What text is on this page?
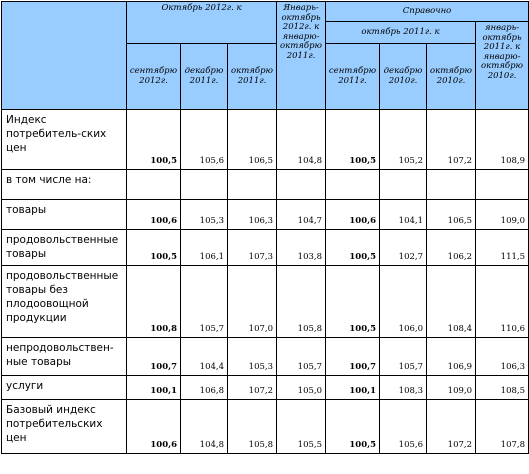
	Октябрь 2012г. к			Январь-октябрь 2012г. к январю-октябрю 2011г.	Справочно			
					октябрь 2011г. к			январь-октябрь 2011г. к январю-октябрю 2010г.
	сентябрю 2012г.	декабрю 2011г.	октябрю 2011г.		сентябрю 2011г.	декабрю 2010г.	октябрю 2010г.	
Индекс потребитель-ских цен	100,5	105,6	106,5	104,8	100,5	105,2	107,2	108,9
в том числе на:								
товары	100,6	105,3	106,3	104,7	100,6	104,1	106,5	109,0
продовольственные товары	100,5	106,1	107,3	103,8	100,5	102,7	106,2	111,5
продовольственные товары без плодоовощной продукции	100,8	105,7	107,0	105,8	100,5	106,0	108,4	110,6
непродовольствен-ные товары	100,7	104,4	105,3	105,7	100,7	105,7	106,9	106,3
услуги	100,1	106,8	107,2	105,0	100,1	108,3	109,0	108,5
Базовый индекс потребительских цен	100,6	104,8	105,8	105,5	100,5	105,6	107,2	107,8
